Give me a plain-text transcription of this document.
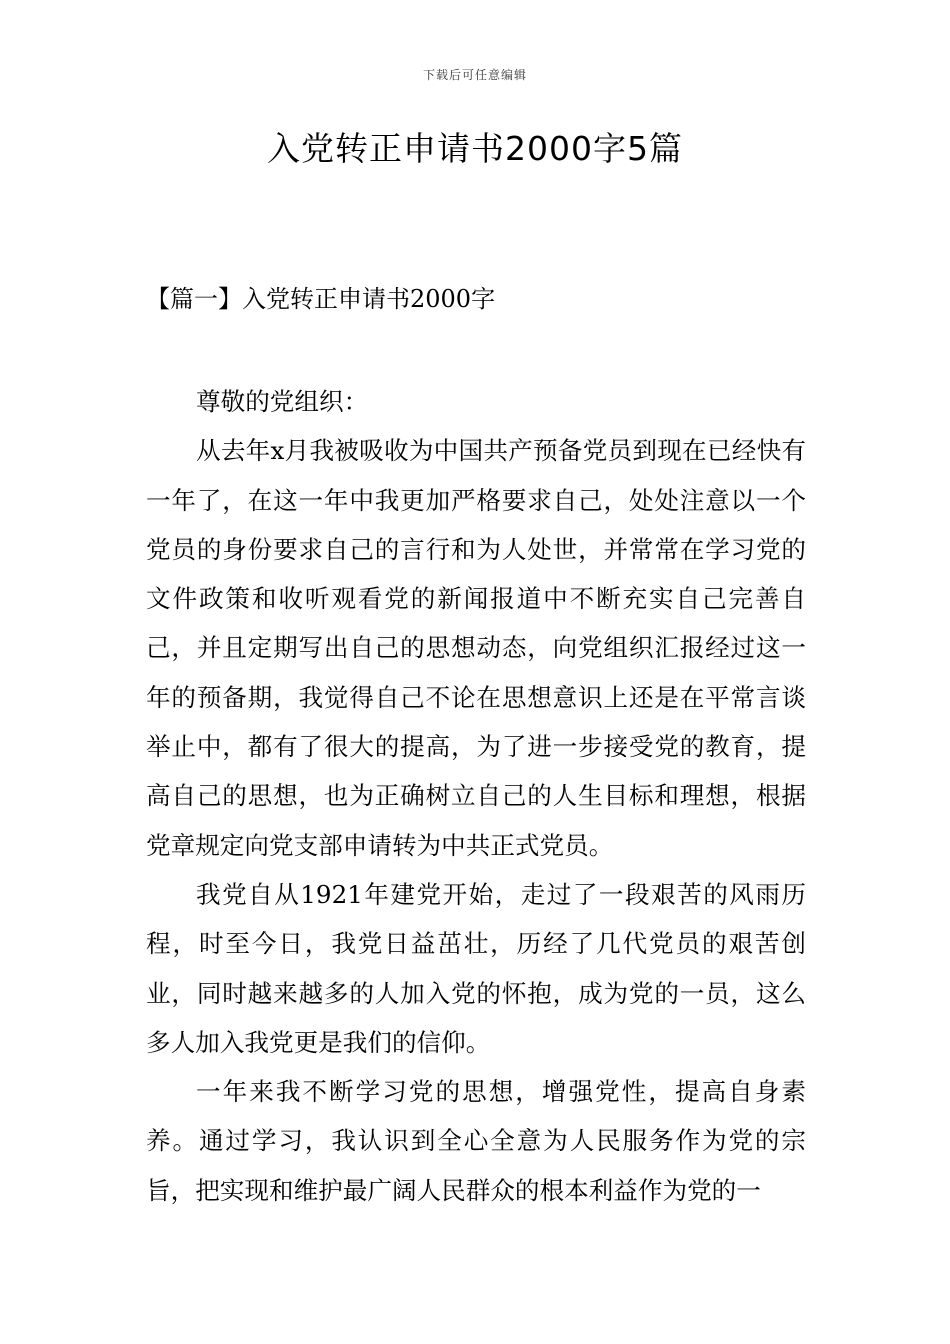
下载后可任意编辑
入党转正申请书2000字5篇
【篇一】入党转正申请书2000字

尊敬的党组织：

从去年x月我被吸收为中国共产预备党员到现在已经快有一年了，在这一年中我更加严格要求自己，处处注意以一个党员的身份要求自己的言行和为人处世，并常常在学习党的文件政策和收听观看党的新闻报道中不断充实自己完善自己，并且定期写出自己的思想动态，向党组织汇报经过这一年的预备期，我觉得自己不论在思想意识上还是在平常言谈举止中，都有了很大的提高，为了进一步接受党的教育，提高自己的思想，也为正确树立自己的人生目标和理想，根据党章规定向党支部申请转为中共正式党员。

我党自从1921年建党开始，走过了一段艰苦的风雨历程，时至今日，我党日益茁壮，历经了几代党员的艰苦创业，同时越来越多的人加入党的怀抱，成为党的一员，这么多人加入我党更是我们的信仰。

一年来我不断学习党的思想，增强党性，提高自身素养。通过学习，我认识到全心全意为人民服务作为党的宗旨，把实现和维护最广阔人民群众的根本利益作为党的一
